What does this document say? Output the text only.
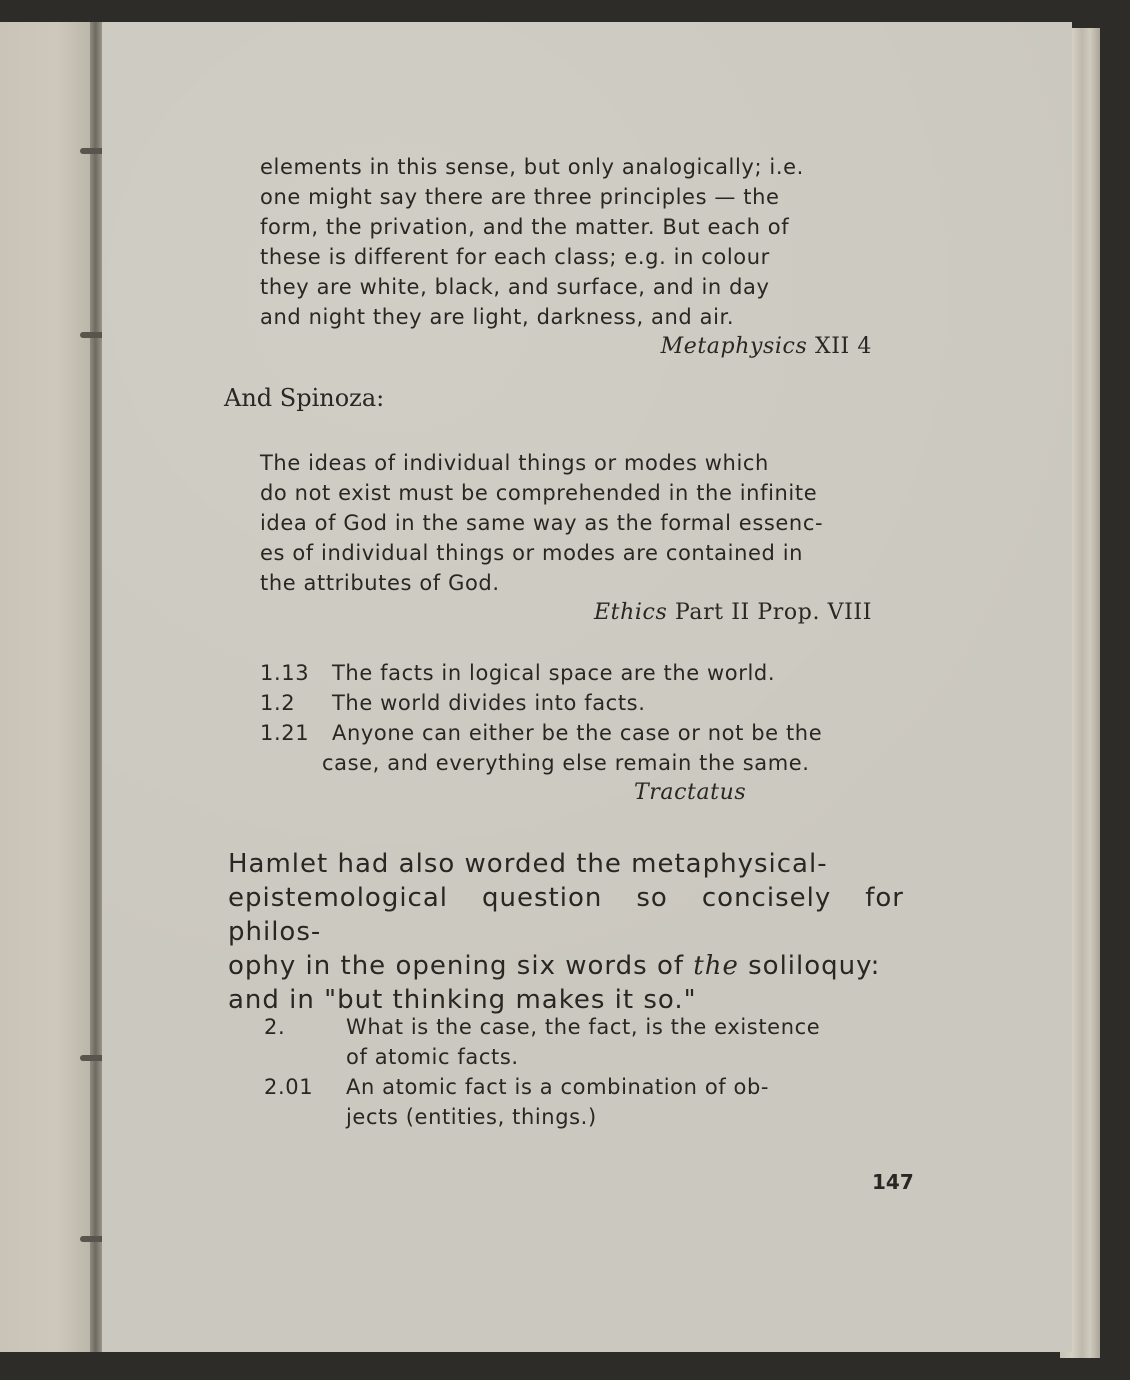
elements in this sense, but only analogically; i.e.
one might say there are three principles — the
form, the privation, and the matter. But each of
these is different for each class; e.g. in colour
they are white, black, and surface, and in day
and night they are light, darkness, and air.
Metaphysics XII 4
And Spinoza:
The ideas of individual things or modes which
do not exist must be comprehended in the infinite
idea of God in the same way as the formal essenc-
es of individual things or modes are contained in
the attributes of God.
Ethics Part II Prop. VIII
1.13	The facts in logical space are the world.
1.2	The world divides into facts.
1.21	Anyone can either be the case or not be the
case, and everything else remain the same.
Tractatus
Hamlet had also worded the metaphysical-
epistemological question so concisely for philos-
ophy in the opening six words of the soliloquy:
and in "but thinking makes it so."
2.	What is the case, the fact, is the existence
of atomic facts.
2.01	An atomic fact is a combination of ob-
jects (entities, things.)
147
